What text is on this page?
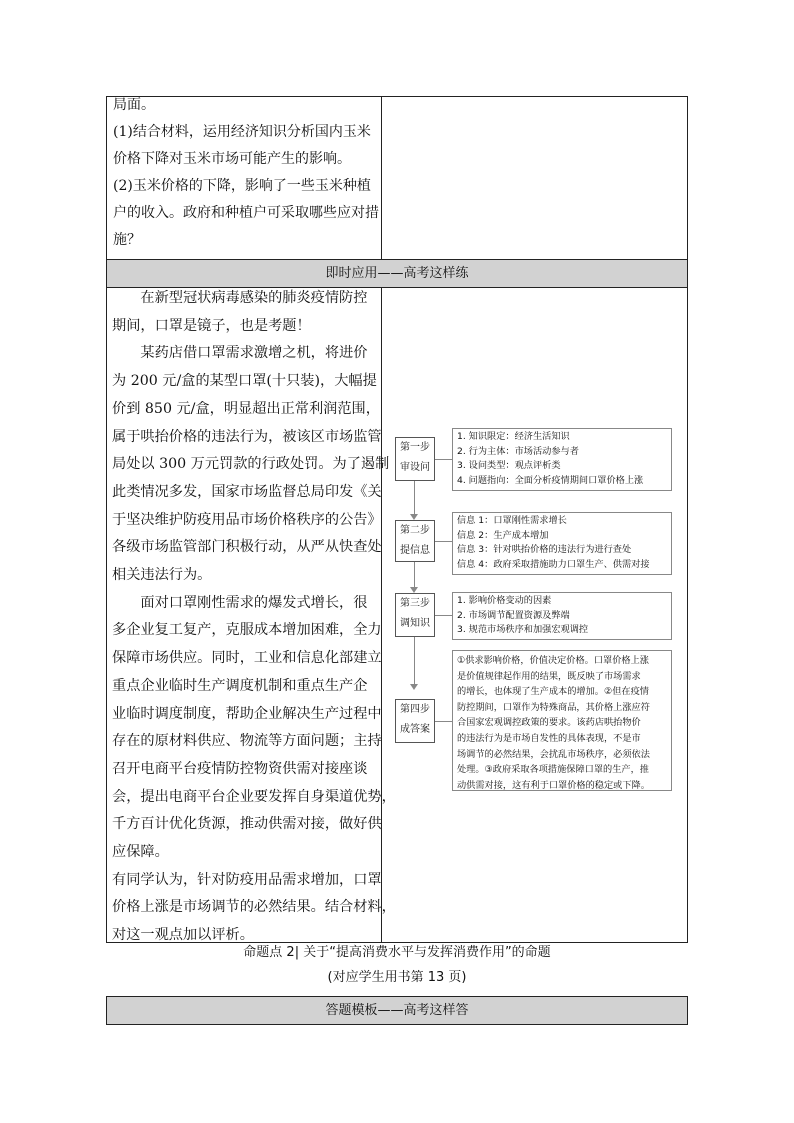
局面。

(1)结合材料，运用经济知识分析国内玉米

价格下降对玉米市场可能产生的影响。

(2)玉米价格的下降，影响了一些玉米种植

户的收入。政府和种植户可采取哪些应对措

施？

即时应用——高考这样练

在新型冠状病毒感染的肺炎疫情防控

期间，口罩是镜子，也是考题！

某药店借口罩需求激增之机，将进价

为 200 元/盒的某型口罩(十只装)，大幅提

价到 850 元/盒，明显超出正常利润范围，

属于哄抬价格的违法行为，被该区市场监管

局处以 300 万元罚款的行政处罚。为了遏制

此类情况多发，国家市场监督总局印发《关

于坚决维护防疫用品市场价格秩序的公告》

各级市场监管部门积极行动，从严从快查处

相关违法行为。

面对口罩刚性需求的爆发式增长，很

多企业复工复产，克服成本增加困难，全力

保障市场供应。同时，工业和信息化部建立

重点企业临时生产调度机制和重点生产企

业临时调度制度，帮助企业解决生产过程中

存在的原材料供应、物流等方面问题；主持

召开电商平台疫情防控物资供需对接座谈

会，提出电商平台企业要发挥自身渠道优势，

千方百计优化货源，推动供需对接，做好供

应保障。

有同学认为，针对防疫用品需求增加，口罩

价格上涨是市场调节的必然结果。结合材料，

对这一观点加以评析。

第一步
审设问
1. 知识限定：经济生活知识
2. 行为主体：市场活动参与者
3. 设问类型：观点评析类
4. 问题指向：全面分析疫情期间口罩价格上涨
第二步
提信息
信息 1：口罩刚性需求增长
信息 2：生产成本增加
信息 3：针对哄抬价格的违法行为进行查处
信息 4：政府采取措施助力口罩生产、供需对接
第三步
调知识
1. 影响价格变动的因素
2. 市场调节配置资源及弊端
3. 规范市场秩序和加强宏观调控
第四步
成答案
①供求影响价格，价值决定价格。口罩价格上涨
是价值规律起作用的结果，既反映了市场需求
的增长，也体现了生产成本的增加。②但在疫情
防控期间，口罩作为特殊商品，其价格上涨应符
合国家宏观调控政策的要求。该药店哄抬物价
的违法行为是市场自发性的具体表现，不是市
场调节的必然结果，会扰乱市场秩序，必须依法
处理。③政府采取各项措施保障口罩的生产，推
动供需对接，这有利于口罩价格的稳定或下降。
命题点 2| 关于“提高消费水平与发挥消费作用”的命题
(对应学生用书第 13 页)
答题模板——高考这样答
